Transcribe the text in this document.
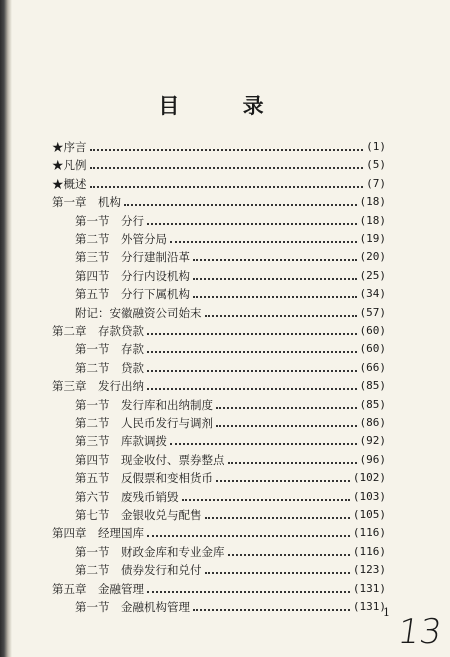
目 录
★序言	(1)
★凡例	(5)
★概述	(7)
第一章　机构	(18)
第一节　分行	(18)
第二节　外管分局	(19)
第三节　分行建制沿革	(20)
第四节　分行内设机构	(25)
第五节　分行下属机构	(34)
附记：安徽融资公司始末	(57)
第二章　存款贷款	(60)
第一节　存款	(60)
第二节　贷款	(66)
第三章　发行出纳	(85)
第一节　发行库和出纳制度	(85)
第二节　人民币发行与调剂	(86)
第三节　库款调拨	(92)
第四节　现金收付、票券整点	(96)
第五节　反假票和变相货币	(102)
第六节　废残币销毁	(103)
第七节　金银收兑与配售	(105)
第四章　经理国库	(116)
第一节　财政金库和专业金库	(116)
第二节　债券发行和兑付	(123)
第五章　金融管理	(131)
第一节　金融机构管理	(131)
1 13
